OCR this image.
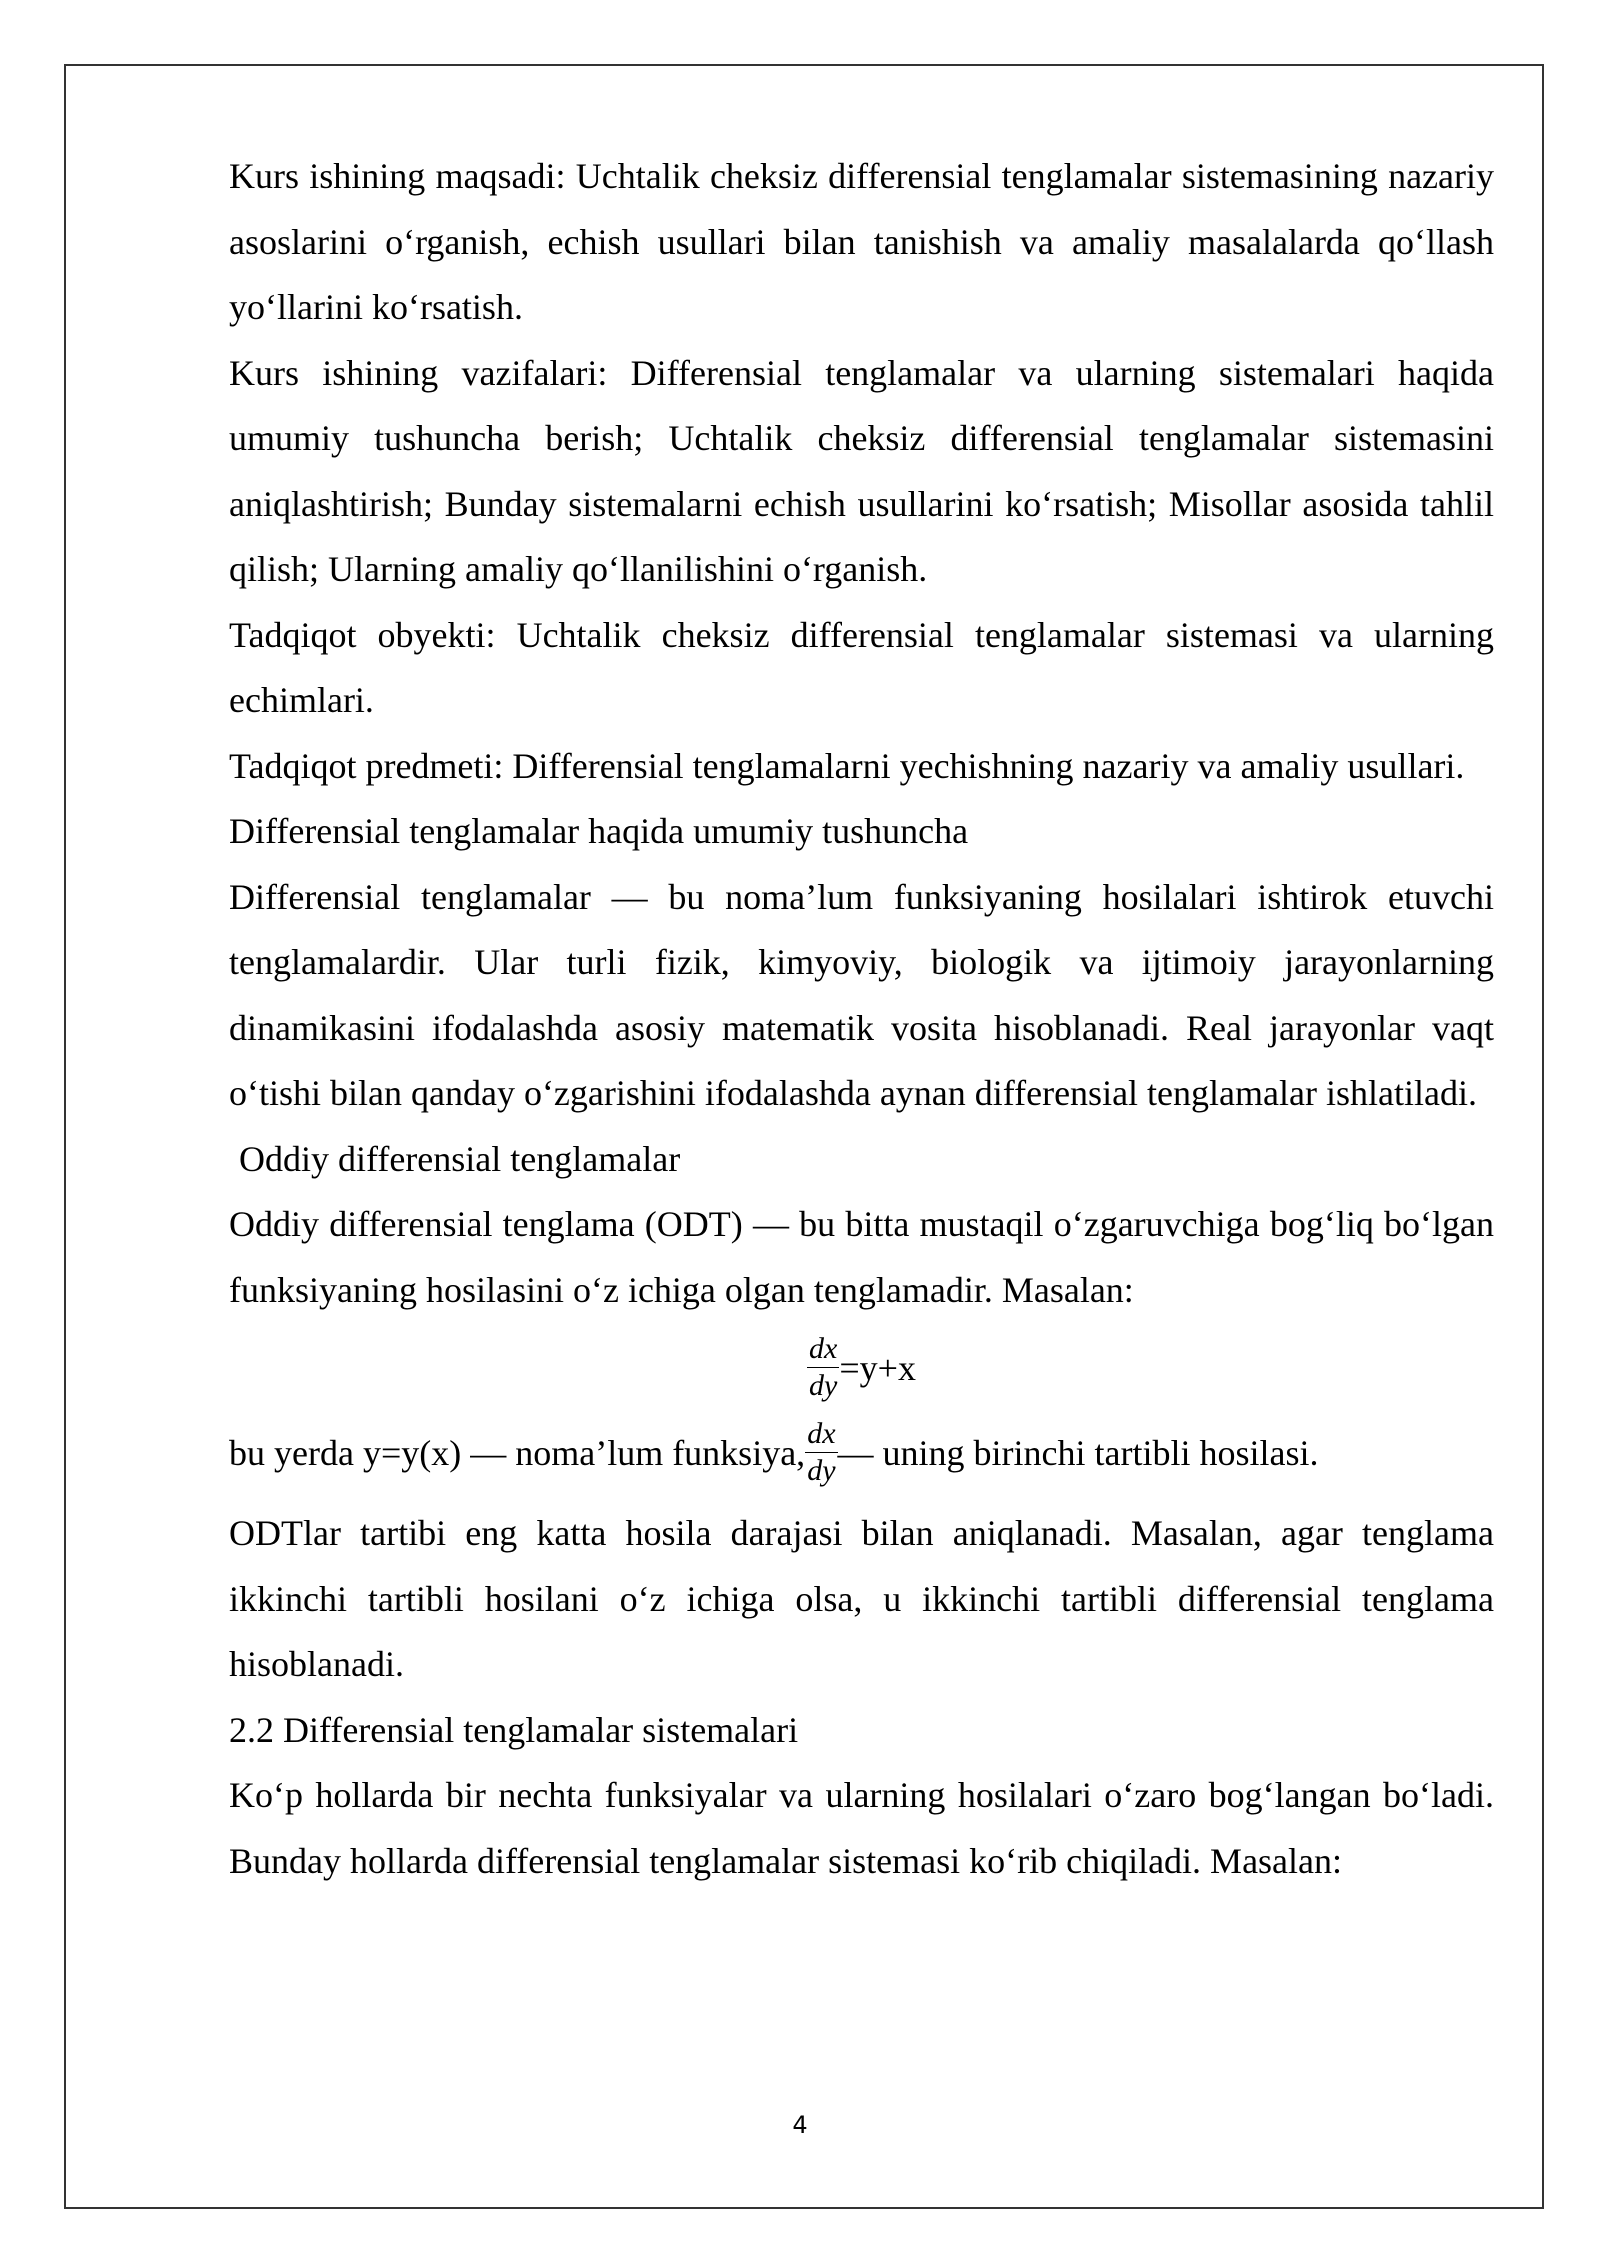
Kurs ishining maqsadi: Uchtalik cheksiz differensial tenglamalar sistemasining nazariy asoslarini o‘rganish, echish usullari bilan tanishish va amaliy masalalarda qo‘llash yo‘llarini ko‘rsatish.

Kurs ishining vazifalari: Differensial tenglamalar va ularning sistemalari haqida umumiy tushuncha berish; Uchtalik cheksiz differensial tenglamalar sistemasini aniqlashtirish; Bunday sistemalarni echish usullarini ko‘rsatish; Misollar asosida tahlil qilish; Ularning amaliy qo‘llanilishini o‘rganish.

Tadqiqot obyekti: Uchtalik cheksiz differensial tenglamalar sistemasi va ularning echimlari.

Tadqiqot predmeti: Differensial tenglamalarni yechishning nazariy va amaliy usullari.

Differensial tenglamalar haqida umumiy tushuncha

Differensial tenglamalar — bu noma’lum funksiyaning hosilalari ishtirok etuvchi tenglamalardir. Ular turli fizik, kimyoviy, biologik va ijtimoiy jarayonlarning dinamikasini ifodalashda asosiy matematik vosita hisoblanadi. Real jarayonlar vaqt o‘tishi bilan qanday o‘zgarishini ifodalashda aynan differensial tenglamalar ishlatiladi.

Oddiy differensial tenglamalar

Oddiy differensial tenglama (ODT) — bu bitta mustaqil o‘zgaruvchiga bog‘liq bo‘lgan funksiyaning hosilasini o‘z ichiga olgan tenglamadir. Masalan:

$\frac{dx}{dy} =y+x$

bu yerda y=y(x) — noma’lum funksiya, $\frac{dx}{dy}$ — uning birinchi tartibli hosilasi.

ODTlar tartibi eng katta hosila darajasi bilan aniqlanadi. Masalan, agar tenglama ikkinchi tartibli hosilani o‘z ichiga olsa, u ikkinchi tartibli differensial tenglama hisoblanadi.

2.2 Differensial tenglamalar sistemalari

Ko‘p hollarda bir nechta funksiyalar va ularning hosilalari o‘zaro bog‘langan bo‘ladi. Bunday hollarda differensial tenglamalar sistemasi ko‘rib chiqiladi. Masalan:

4
